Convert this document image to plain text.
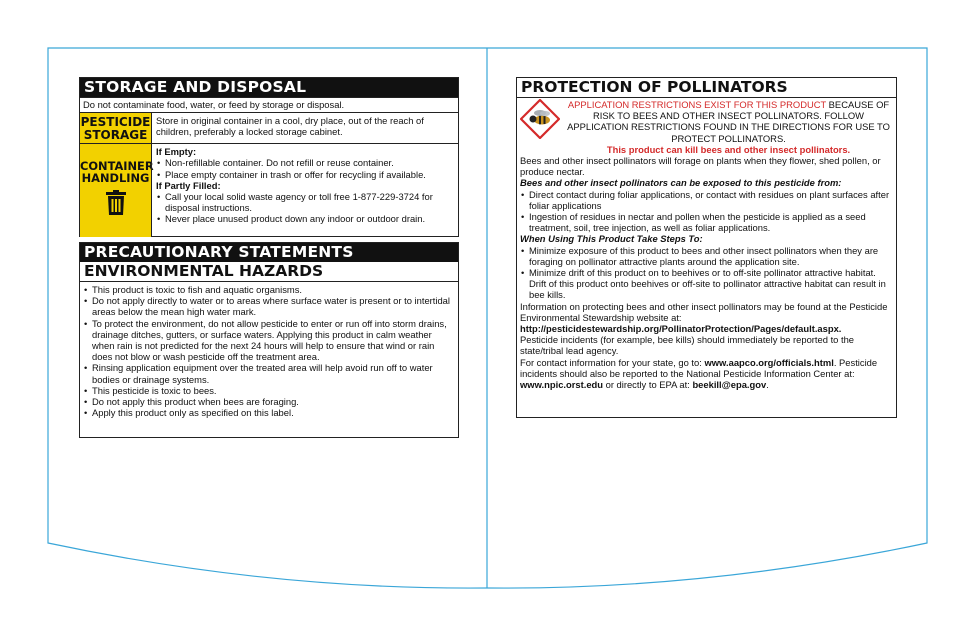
STORAGE AND DISPOSAL
Do not contaminate food, water, or feed by storage or disposal.
PESTICIDE
STORAGE
Store in original container in a cool, dry place, out of the reach of children, preferably a locked storage cabinet.
CONTAINER
HANDLING
If Empty:
• Non-refillable container. Do not refill or reuse container.
• Place empty container in trash or offer for recycling if available.
If Partly Filled:
• Call your local solid waste agency or toll free 1-877-229-3724 for disposal instructions.
• Never place unused product down any indoor or outdoor drain.
PRECAUTIONARY STATEMENTS
ENVIRONMENTAL HAZARDS
• This product is toxic to fish and aquatic organisms.
• Do not apply directly to water or to areas where surface water is present or to intertidal areas below the mean high water mark.
• To protect the environment, do not allow pesticide to enter or run off into storm drains, drainage ditches, gutters, or surface waters. Applying this product in calm weather when rain is not predicted for the next 24 hours will help to ensure that wind or rain does not blow or wash pesticide off the treatment area.
• Rinsing application equipment over the treated area will help avoid run off to water bodies or drainage systems.
• This pesticide is toxic to bees.
• Do not apply this product when bees are foraging.
• Apply this product only as specified on this label.
PROTECTION OF POLLINATORS
APPLICATION RESTRICTIONS EXIST FOR THIS PRODUCT BECAUSE OF RISK TO BEES AND OTHER INSECT POLLINATORS. FOLLOW APPLICATION RESTRICTIONS FOUND IN THE DIRECTIONS FOR USE TO PROTECT POLLINATORS.
This product can kill bees and other insect pollinators.
Bees and other insect pollinators will forage on plants when they flower, shed pollen, or produce nectar.
Bees and other insect pollinators can be exposed to this pesticide from:
• Direct contact during foliar applications, or contact with residues on plant surfaces after foliar applications
• Ingestion of residues in nectar and pollen when the pesticide is applied as a seed treatment, soil, tree injection, as well as foliar applications.
When Using This Product Take Steps To:
• Minimize exposure of this product to bees and other insect pollinators when they are foraging on pollinator attractive plants around the application site.
• Minimize drift of this product on to beehives or to off-site pollinator attractive habitat. Drift of this product onto beehives or off-site to pollinator attractive habitat can result in bee kills.
Information on protecting bees and other insect pollinators may be found at the Pesticide Environmental Stewardship website at:
http://pesticidestewardship.org/PollinatorProtection/Pages/default.aspx.
Pesticide incidents (for example, bee kills) should immediately be reported to the state/tribal lead agency.
For contact information for your state, go to: www.aapco.org/officials.html. Pesticide incidents should also be reported to the National Pesticide Information Center at: www.npic.orst.edu or directly to EPA at: beekill@epa.gov.
